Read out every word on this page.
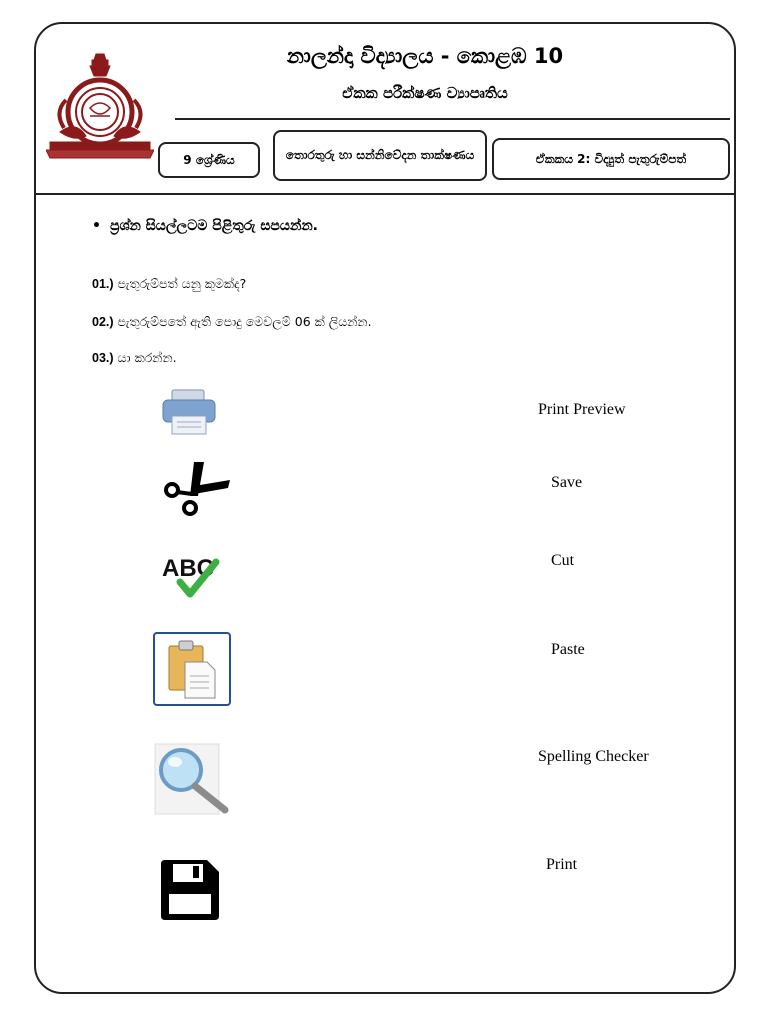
නාලන්දා විද්‍යාලය - කොළඹ 10
ඒකක පරීක්ෂණ ව්‍යාපෘතිය
9 ශ්‍රේණිය	තොරතුරු හා සන්නිවේදන තාක්ෂණය	ඒකකය 2: විද්‍යුත් පැතුරුම්පත්
• ප්‍රශ්න සියල්ලටම පිළිතුරු සපයන්න.
01.) පැතුරුම්පත් යනු කුමක්ද?
02.) පැතුරුම්පතේ ඇති පොදු මෙවලම් 06 ක් ලියන්න.
03.) යා කරන්න.
ABC
Print Preview
Save
Cut
Paste
Spelling Checker
Print
